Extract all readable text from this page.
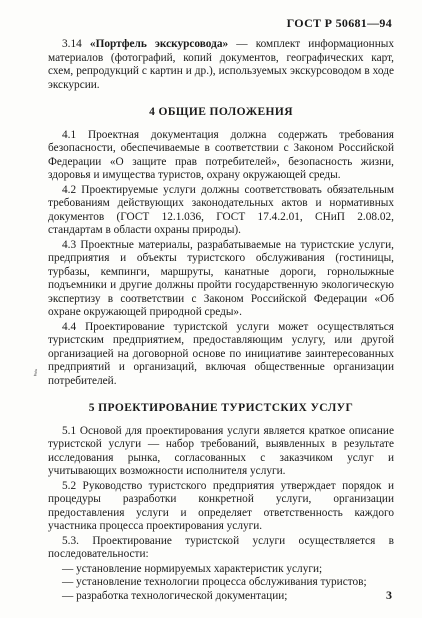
ГОСТ Р 50681—94

3.14 «Портфель экскурсовода» — комплект информационных материалов (фотографий, копий документов, географических карт, схем, репродукций с картин и др.), используемых экскурсоводом в ходе экскурсии.

4 ОБЩИЕ ПОЛОЖЕНИЯ

4.1 Проектная документация должна содержать требования безопасности, обеспечиваемые в соответствии с Законом Российской Федерации «О защите прав потребителей», безопасность жизни, здоровья и имущества туристов, охрану окружающей среды.

4.2 Проектируемые услуги должны соответствовать обязательным требованиям действующих законодательных актов и нормативных документов (ГОСТ 12.1.036, ГОСТ 17.4.2.01, СНиП 2.08.02, стандартам в области охраны природы).

4.3 Проектные материалы, разрабатываемые на туристские услуги, предприятия и объекты туристского обслуживания (гостиницы, турбазы, кемпинги, маршруты, канатные дороги, горнолыжные подъемники и другие должны пройти государственную экологическую экспертизу в соответствии с Законом Российской Федерации «Об охране окружающей природной среды».

4.4 Проектирование туристской услуги может осуществляться туристским предприятием, предоставляющим услугу, или другой организацией на договорной основе по инициативе заинтересованных предприятий и организаций, включая общественные организации потребителей.

5 ПРОЕКТИРОВАНИЕ ТУРИСТСКИХ УСЛУГ

5.1 Основой для проектирования услуги является краткое описание туристской услуги — набор требований, выявленных в результате исследования рынка, согласованных с заказчиком услуг и учитывающих возможности исполнителя услуги.

5.2 Руководство туристского предприятия утверждает порядок и процедуры разработки конкретной услуги, организации предоставления услуги и определяет ответственность каждого участника процесса проектирования услуги.

5.3. Проектирование туристской услуги осуществляется в последовательности:

— установление нормируемых характеристик услуги;
— установление технологии процесса обслуживания туристов;
— разработка технологической документации;
ⅈ
3
